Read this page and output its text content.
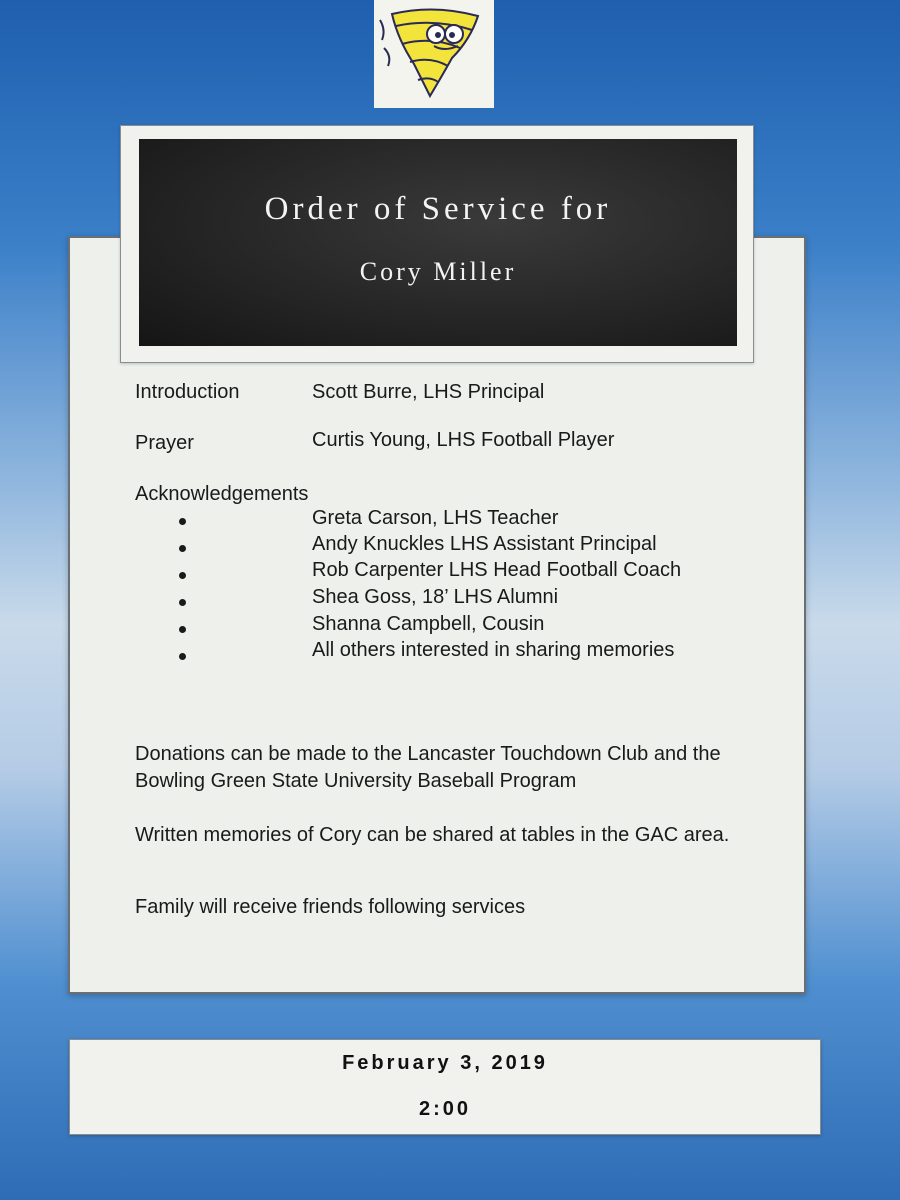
Order of Service for
Cory Miller
Introduction	Scott Burre, LHS Principal
Prayer	Curtis Young, LHS Football Player
Acknowledgements
Greta Carson, LHS Teacher
Andy Knuckles LHS Assistant Principal
Rob Carpenter LHS Head Football Coach
Shea Goss, 18’ LHS Alumni
Shanna Campbell, Cousin
All others interested in sharing memories
Donations can be made to the Lancaster Touchdown Club and the Bowling Green State University Baseball Program
Written memories of Cory can be shared at tables in the GAC area.
Family will receive friends following services
February 3, 2019
2:00
